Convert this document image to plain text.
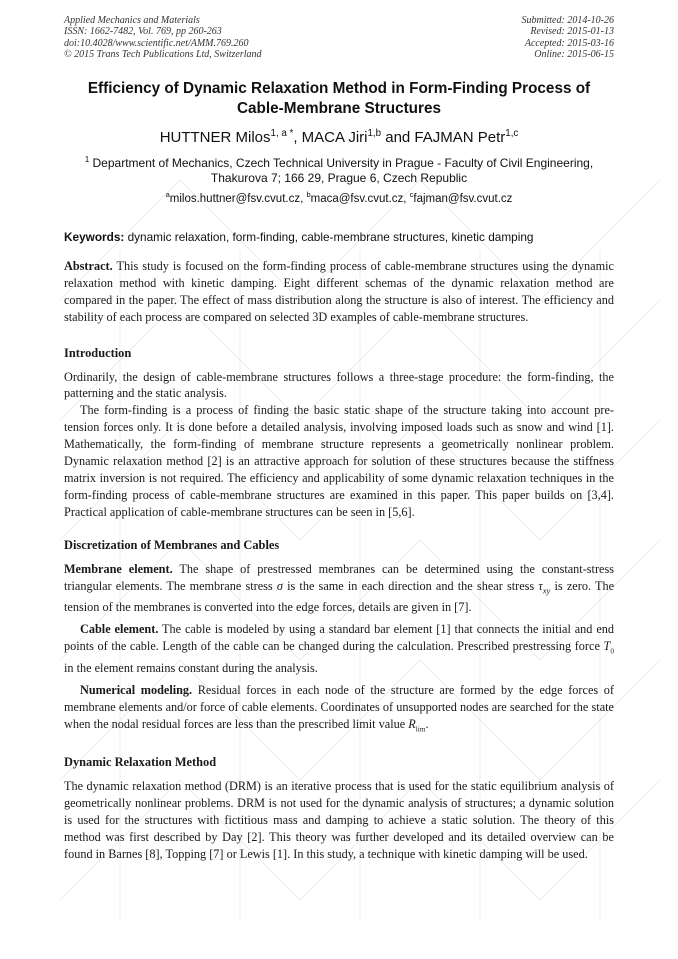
Applied Mechanics and Materials
ISSN: 1662-7482, Vol. 769, pp 260-263
doi:10.4028/www.scientific.net/AMM.769.260
© 2015 Trans Tech Publications Ltd, Switzerland
Submitted: 2014-10-26
Revised: 2015-01-13
Accepted: 2015-03-16
Online: 2015-06-15
Efficiency of Dynamic Relaxation Method in Form-Finding Process of
Cable-Membrane Structures
HUTTNER Milos$^{1, a *}$, MACA Jiri$^{1,b}$ and FAJMAN Petr$^{1,c}$
$^1$ Department of Mechanics, Czech Technical University in Prague - Faculty of Civil Engineering,
Thakurova 7; 166 29, Prague 6, Czech Republic
$^a$milos.huttner@fsv.cvut.cz, $^b$maca@fsv.cvut.cz, $^c$fajman@fsv.cvut.cz
Keywords: dynamic relaxation, form-finding, cable-membrane structures, kinetic damping

Abstract. This study is focused on the form-finding process of cable-membrane structures using the dynamic relaxation method with kinetic damping. Eight different schemas of the dynamic relaxation method are compared in the paper. The effect of mass distribution along the structure is also of interest. The efficiency and stability of each process are compared on selected 3D examples of cable-membrane structures.

Introduction

Ordinarily, the design of cable-membrane structures follows a three-stage procedure: the form-finding, the patterning and the static analysis.

The form-finding is a process of finding the basic static shape of the structure taking into account pre-tension forces only. It is done before a detailed analysis, involving imposed loads such as snow and wind [1]. Mathematically, the form-finding of membrane structure represents a geometrically nonlinear problem. Dynamic relaxation method [2] is an attractive approach for solution of these structures because the stiffness matrix inversion is not required. The efficiency and applicability of some dynamic relaxation techniques in the form-finding process of cable-membrane structures are examined in this paper. This paper builds on [3,4]. Practical application of cable-membrane structures can be seen in [5,6].

Discretization of Membranes and Cables

Membrane element. The shape of prestressed membranes can be determined using the constant-stress triangular elements. The membrane stress σ is the same in each direction and the shear stress $\tau_{xy}$ is zero. The tension of the membranes is converted into the edge forces, details are given in [7].

Cable element. The cable is modeled by using a standard bar element [1] that connects the initial and end points of the cable. Length of the cable can be changed during the calculation. Prescribed prestressing force $T_0$ in the element remains constant during the analysis.

Numerical modeling. Residual forces in each node of the structure are formed by the edge forces of membrane elements and/or force of cable elements. Coordinates of unsupported nodes are searched for the state when the nodal residual forces are less than the prescribed limit value $R_{lim}$.

Dynamic Relaxation Method

The dynamic relaxation method (DRM) is an iterative process that is used for the static equilibrium analysis of geometrically nonlinear problems. DRM is not used for the dynamic analysis of structures; a dynamic solution is used for the structures with fictitious mass and damping to achieve a static solution. The theory of this method was first described by Day [2]. This theory was further developed and its detailed overview can be found in Barnes [8], Topping [7] or Lewis [1]. In this study, a technique with kinetic damping will be used.
